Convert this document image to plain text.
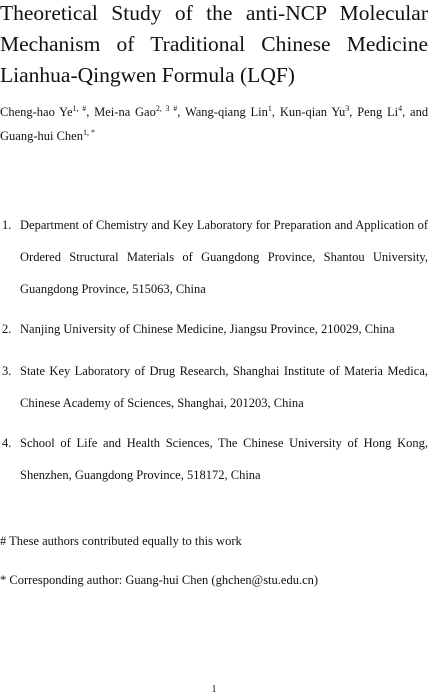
Theoretical Study of the anti-NCP Molecular
Mechanism of Traditional Chinese Medicine
Lianhua-Qingwen Formula (LQF)
Cheng-hao $Ye^{1, \#}$, Mei-na Gao$^{2, 3 \#}$, Wang-qiang Lin$^1$, Kun-qian Yu$^3$, Peng Li$^4$, and
Guang-hui Chen$^{1, *}$
1. Department of Chemistry and Key Laboratory for Preparation and Application of
Ordered Structural Materials of Guangdong Province, Shantou University,
Guangdong Province, 515063, China
2. Nanjing University of Chinese Medicine, Jiangsu Province, 210029, China
3. State Key Laboratory of Drug Research, Shanghai Institute of Materia Medica,
Chinese Academy of Sciences, Shanghai, 201203, China
4. School of Life and Health Sciences, The Chinese University of Hong Kong,
Shenzhen, Guangdong Province, 518172, China
# These authors contributed equally to this work
* Corresponding author: Guang-hui Chen (ghchen@stu.edu.cn)
1
